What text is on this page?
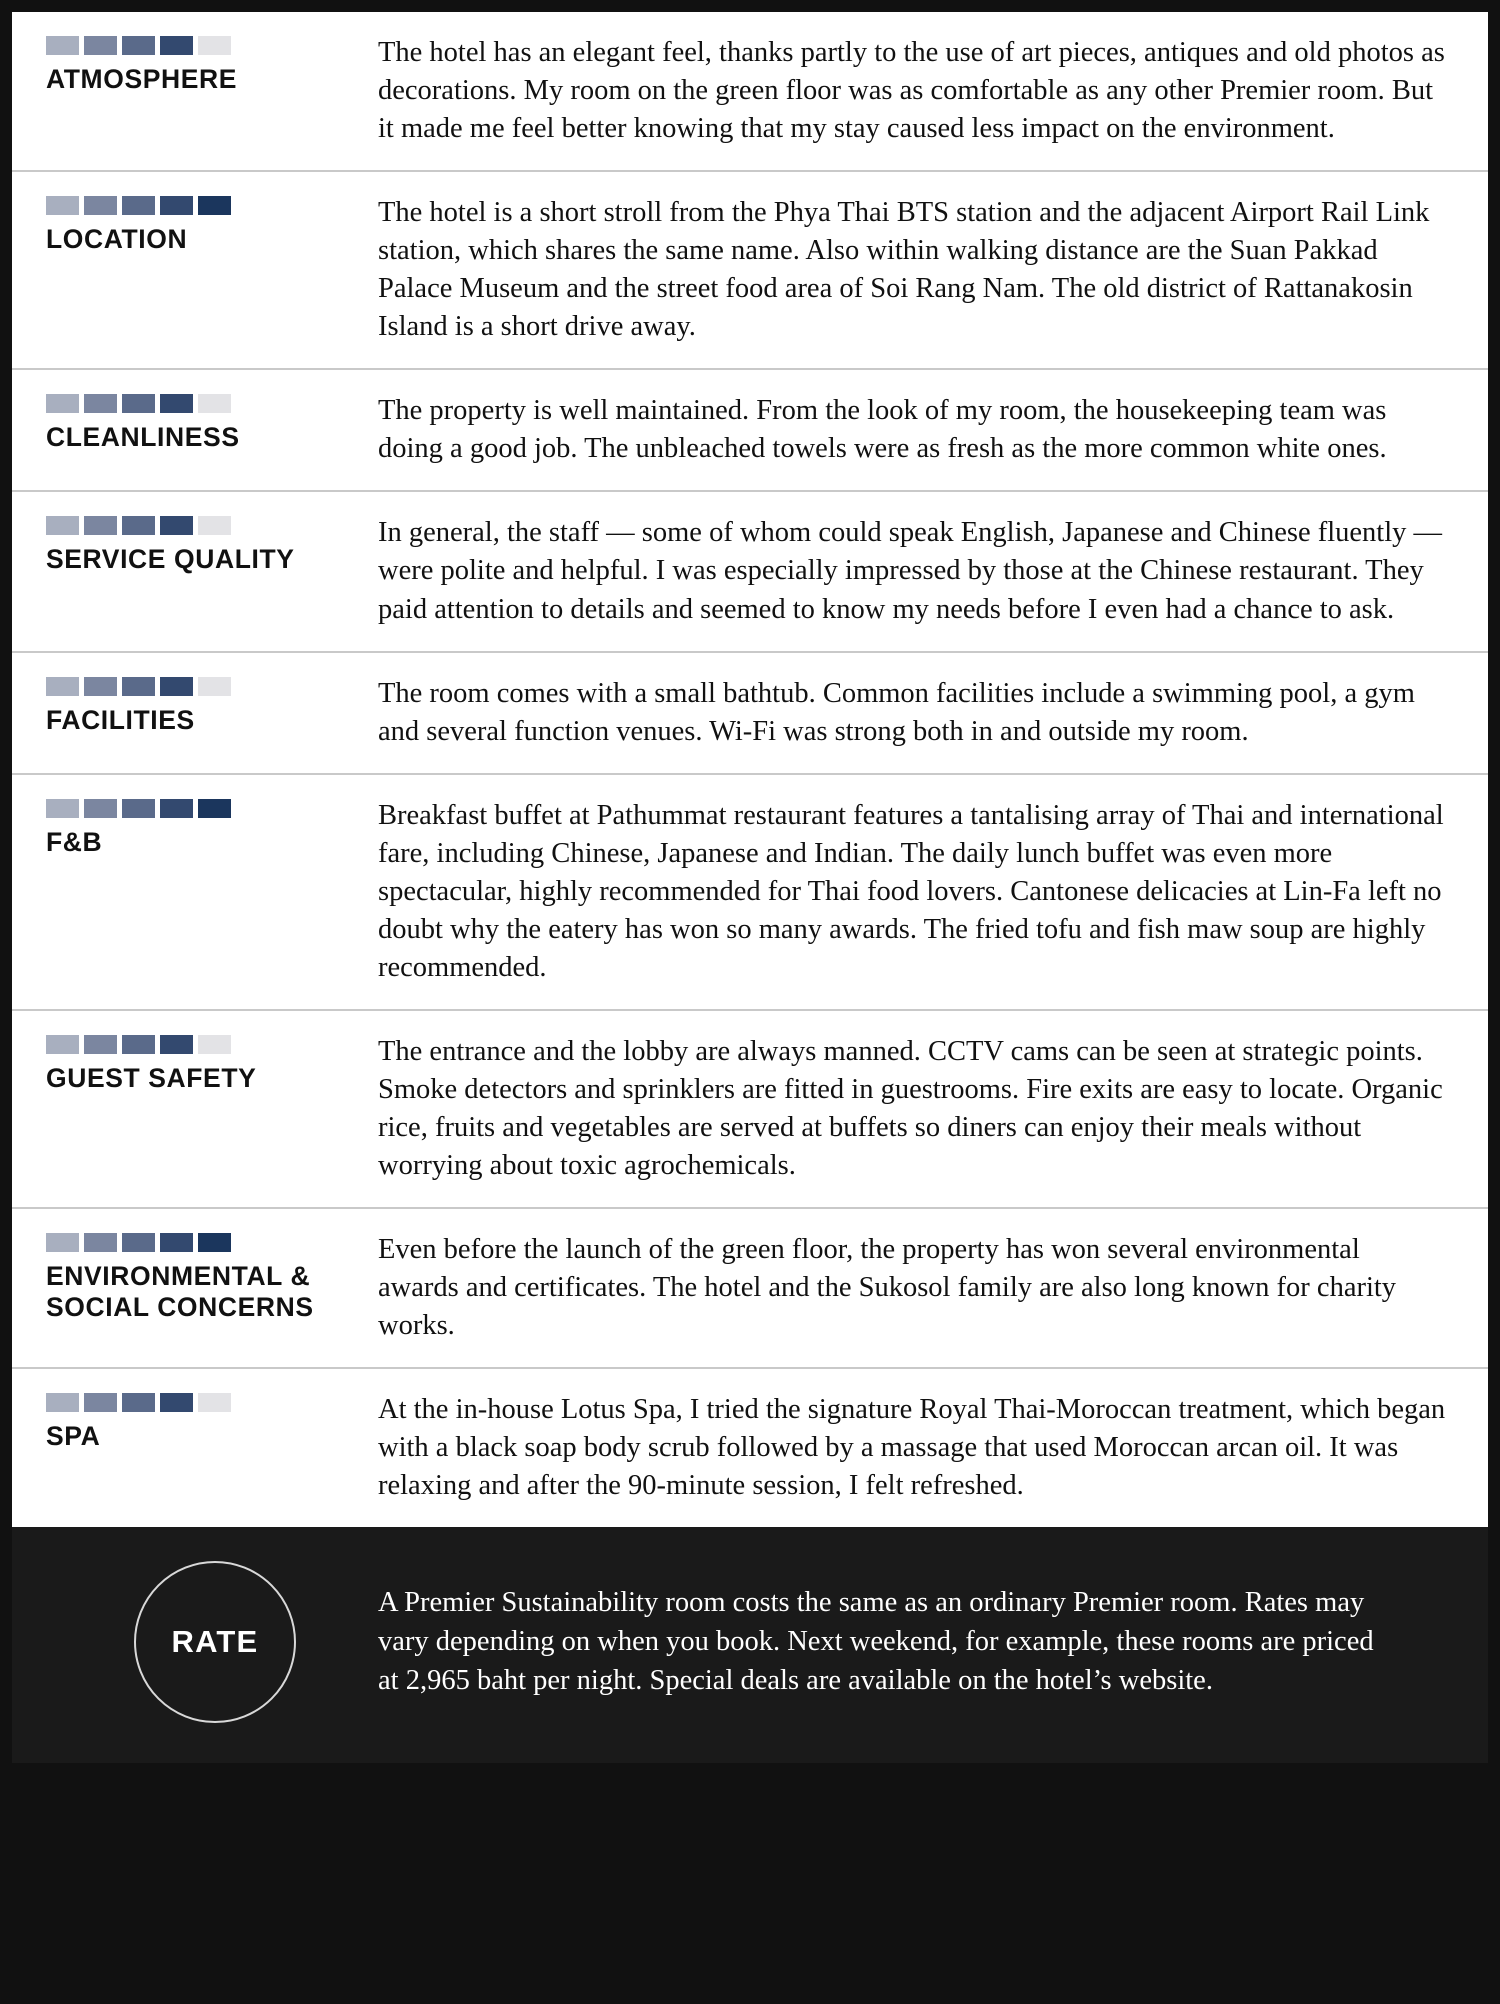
ATMOSPHERE

The hotel has an elegant feel, thanks partly to the use of art pieces, antiques and old photos as decorations. My room on the green floor was as comfortable as any other Premier room. But it made me feel better knowing that my stay caused less impact on the environment.

LOCATION

The hotel is a short stroll from the Phya Thai BTS station and the adjacent Airport Rail Link station, which shares the same name. Also within walking distance are the Suan Pakkad Palace Museum and the street food area of Soi Rang Nam. The old district of Rattanakosin Island is a short drive away.

CLEANLINESS

The property is well maintained. From the look of my room, the housekeeping team was doing a good job. The unbleached towels were as fresh as the more common white ones.

SERVICE QUALITY

In general, the staff — some of whom could speak English, Japanese and Chinese fluently — were polite and helpful. I was especially impressed by those at the Chinese restaurant. They paid attention to details and seemed to know my needs before I even had a chance to ask.

FACILITIES

The room comes with a small bathtub. Common facilities include a swimming pool, a gym and several function venues. Wi-Fi was strong both in and outside my room.

F&B

Breakfast buffet at Pathummat restaurant features a tantalising array of Thai and international fare, including Chinese, Japanese and Indian. The daily lunch buffet was even more spectacular, highly recommended for Thai food lovers. Cantonese delicacies at Lin-Fa left no doubt why the eatery has won so many awards. The fried tofu and fish maw soup are highly recommended.

GUEST SAFETY

The entrance and the lobby are always manned. CCTV cams can be seen at strategic points. Smoke detectors and sprinklers are fitted in guestrooms. Fire exits are easy to locate. Organic rice, fruits and vegetables are served at buffets so diners can enjoy their meals without worrying about toxic agrochemicals.

ENVIRONMENTAL & SOCIAL CONCERNS

Even before the launch of the green floor, the property has won several environmental awards and certificates. The hotel and the Sukosol family are also long known for charity works.

SPA

At the in-house Lotus Spa, I tried the signature Royal Thai-Moroccan treatment, which began with a black soap body scrub followed by a massage that used Moroccan arcan oil. It was relaxing and after the 90-minute session, I felt refreshed.

RATE

A Premier Sustainability room costs the same as an ordinary Premier room. Rates may vary depending on when you book. Next weekend, for example, these rooms are priced at 2,965 baht per night. Special deals are available on the hotel’s website.
